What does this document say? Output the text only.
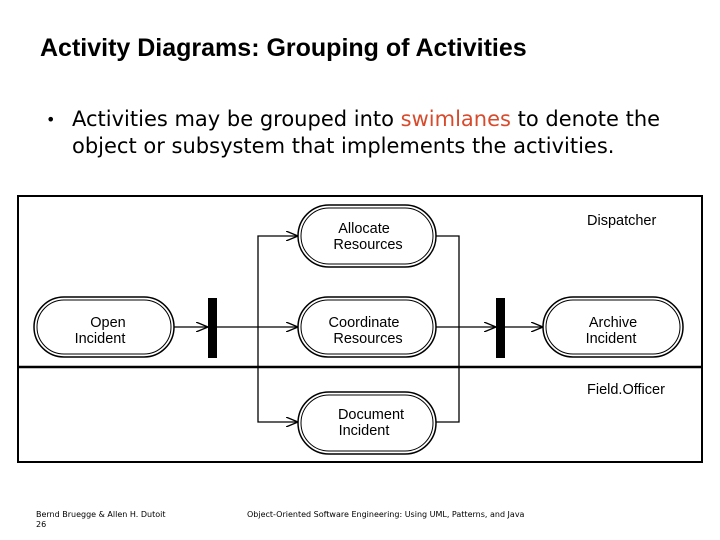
Activity Diagrams: Grouping of Activities
• Activities may be grouped into swimlanes to denote the object or subsystem that implements the activities.
Dispatcher
Field.Officer
Open
Incident
Allocate
Resources
Coordinate
Resources
Document
Incident
Archive
Incident
Bernd Bruegge & Allen H. Dutoit
26
Object-Oriented Software Engineering: Using UML, Patterns, and Java
